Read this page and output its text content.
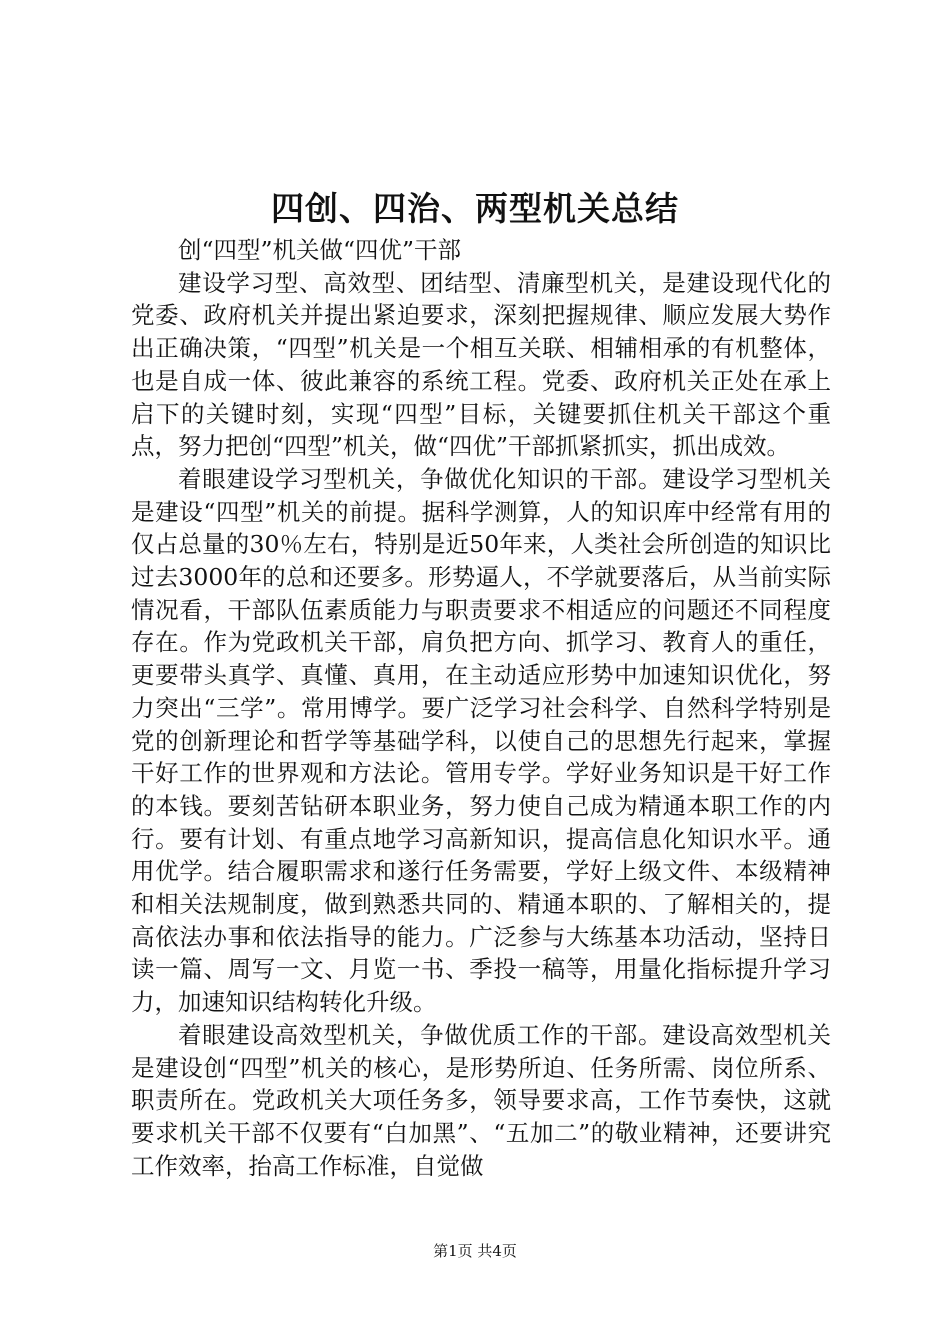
四创、四治、两型机关总结

创“四型”机关做“四优”干部

建设学习型、高效型、团结型、清廉型机关，是建设现代化的党委、政府机关并提出紧迫要求，深刻把握规律、顺应发展大势作出正确决策，“四型”机关是一个相互关联、相辅相承的有机整体，也是自成一体、彼此兼容的系统工程。党委、政府机关正处在承上启下的关键时刻，实现“四型”目标，关键要抓住机关干部这个重点，努力把创“四型”机关，做“四优”干部抓紧抓实，抓出成效。

着眼建设学习型机关，争做优化知识的干部。建设学习型机关是建设“四型”机关的前提。据科学测算，人的知识库中经常有用的仅占总量的30％左右，特别是近50年来，人类社会所创造的知识比过去3000年的总和还要多。形势逼人，不学就要落后，从当前实际情况看，干部队伍素质能力与职责要求不相适应的问题还不同程度存在。作为党政机关干部，肩负把方向、抓学习、教育人的重任，更要带头真学、真懂、真用，在主动适应形势中加速知识优化，努力突出“三学”。常用博学。要广泛学习社会科学、自然科学特别是党的创新理论和哲学等基础学科，以使自己的思想先行起来，掌握干好工作的世界观和方法论。管用专学。学好业务知识是干好工作的本钱。要刻苦钻研本职业务，努力使自己成为精通本职工作的内行。要有计划、有重点地学习高新知识，提高信息化知识水平。通用优学。结合履职需求和遂行任务需要，学好上级文件、本级精神和相关法规制度，做到熟悉共同的、精通本职的、了解相关的，提高依法办事和依法指导的能力。广泛参与大练基本功活动，坚持日读一篇、周写一文、月览一书、季投一稿等，用量化指标提升学习力，加速知识结构转化升级。

着眼建设高效型机关，争做优质工作的干部。建设高效型机关是建设创“四型”机关的核心，是形势所迫、任务所需、岗位所系、职责所在。党政机关大项任务多，领导要求高，工作节奏快，这就要求机关干部不仅要有“白加黑”、“五加二”的敬业精神，还要讲究工作效率，抬高工作标准，自觉做

第1页 共4页
